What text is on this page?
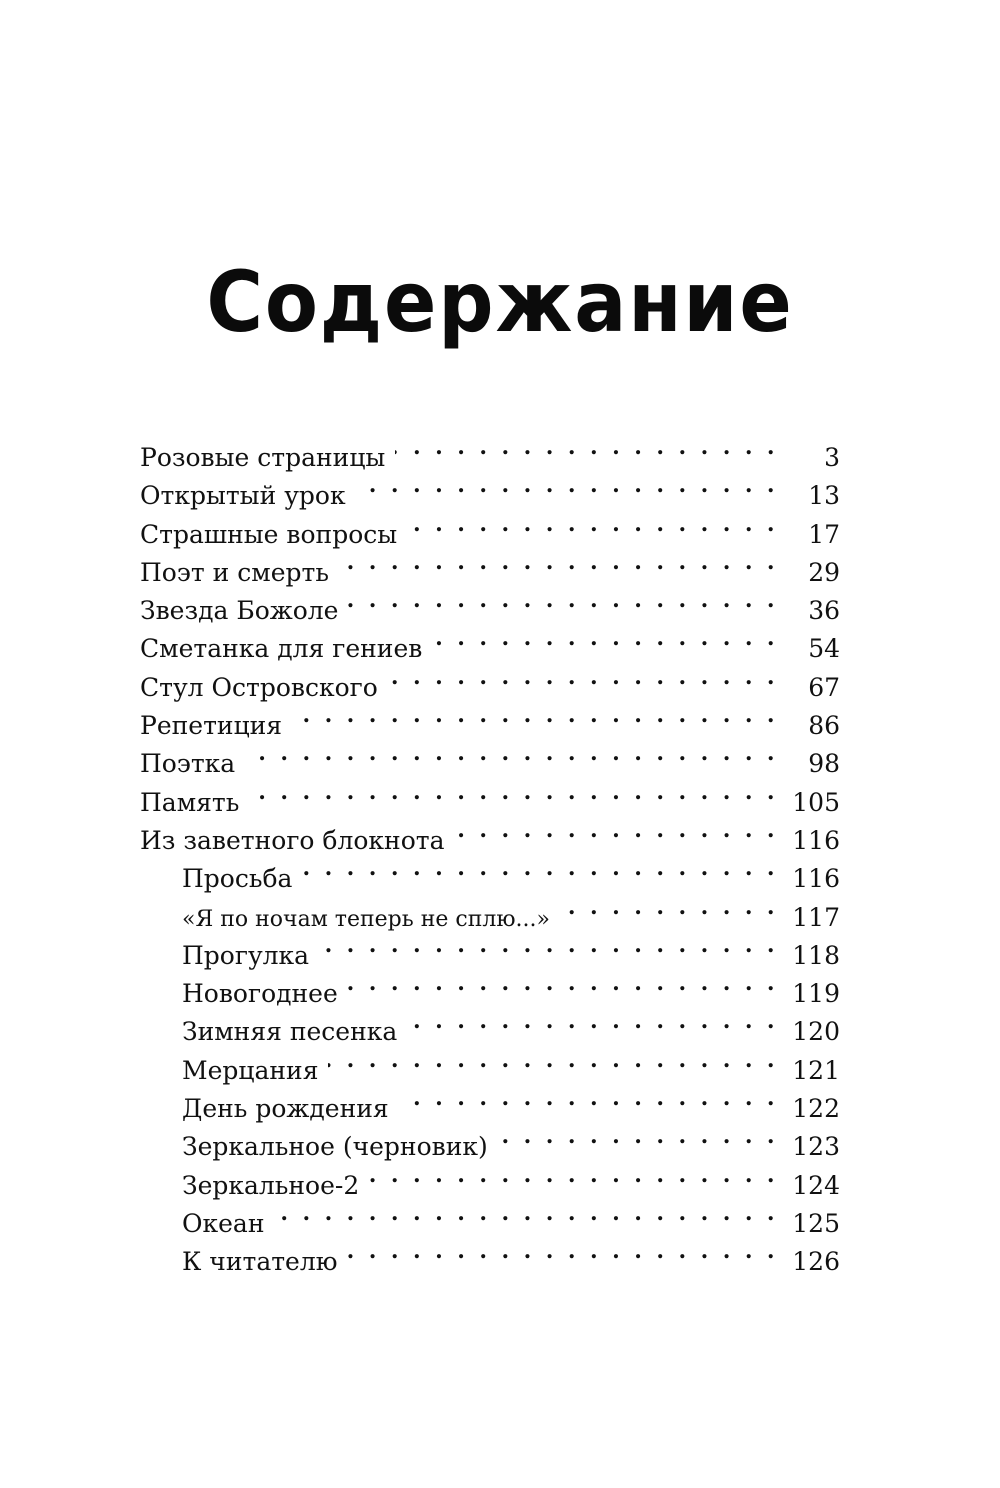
Содержание
Розовые страницы . . .	3
Открытый урок . . .	13
Страшные вопросы . . .	17
Поэт и смерть . . .	29
Звезда Божоле . . .	36
Сметанка для гениев . . .	54
Стул Островского . . .	67
Репетиция . . .	86
Поэтка . . .	98
Память . . .	105
Из заветного блокнота . . .	116
Просьба . . .	116
«Я по ночам теперь не сплю...» . . .	117
Прогулка . . .	118
Новогоднее . . .	119
Зимняя песенка . . .	120
Мерцания . . .	121
День рождения . . .	122
Зеркальное (черновик) . . .	123
Зеркальное-2 . . .	124
Океан . . .	125
К читателю . . .	126
